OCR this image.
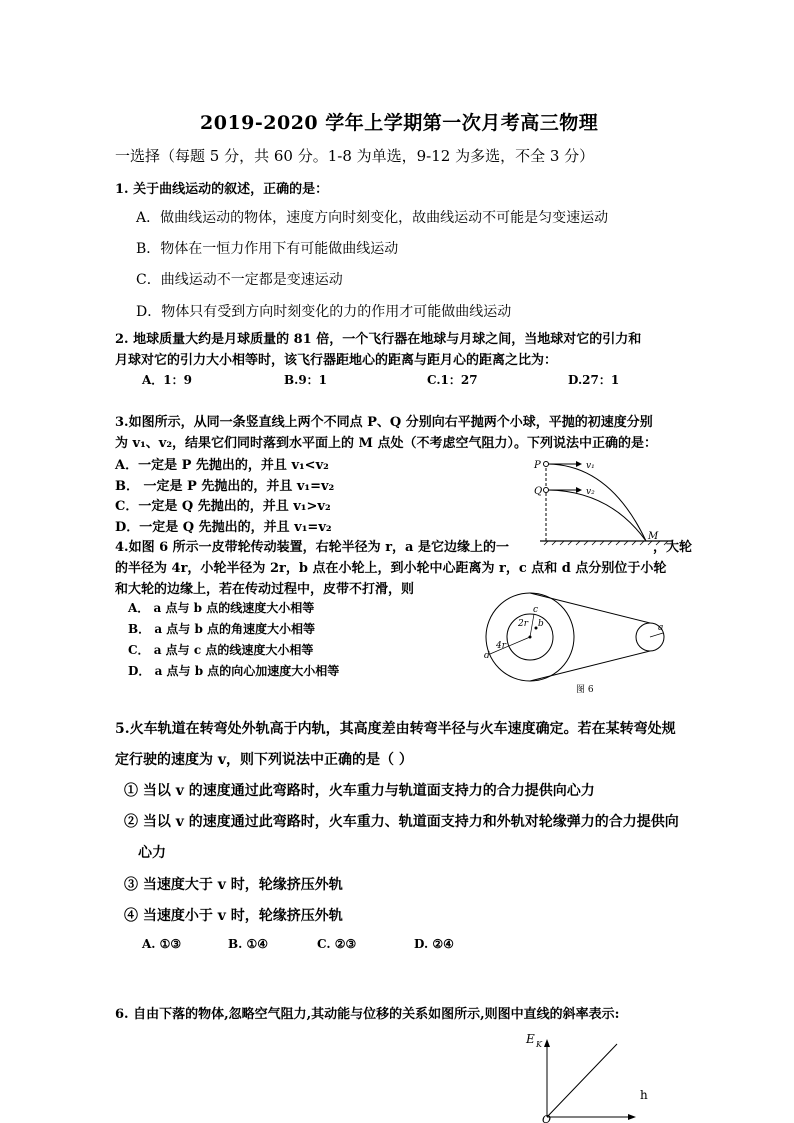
2019-2020 学年上学期第一次月考高三物理
一选择（每题 5 分，共 60 分。1-8 为单选，9-12 为多选，不全 3 分）
1. 关于曲线运动的叙述，正确的是：
A．做曲线运动的物体，速度方向时刻变化，故曲线运动不可能是匀变速运动
B．物体在一恒力作用下有可能做曲线运动
C．曲线运动不一定都是变速运动
D．物体只有受到方向时刻变化的力的作用才可能做曲线运动
2. 地球质量大约是月球质量的 81 倍，一个飞行器在地球与月球之间，当地球对它的引力和
月球对它的引力大小相等时，该飞行器距地心的距离与距月心的距离之比为：
A．1：9	B.9：1	C.1：27	D.27：1
3.如图所示，从同一条竖直线上两个不同点 P、Q 分别向右平抛两个小球，平抛的初速度分别
为 v₁、v₂，结果它们同时落到水平面上的 M 点处（不考虑空气阻力）。下列说法中正确的是：
A．一定是 P 先抛出的，并且 v₁<v₂
B． 一定是 P 先抛出的，并且 v₁=v₂
C．一定是 Q 先抛出的，并且 v₁>v₂
D．一定是 Q 先抛出的，并且 v₁=v₂
P
Q
v₁
v₂
M
4.如图 6 所示一皮带轮传动装置，右轮半径为 r，a 是它边缘上的一	，大轮
的半径为 4r，小轮半径为 2r，b 点在小轮上，到小轮中心距离为 r，c 点和 d 点分别位于小轮
和大轮的边缘上，若在传动过程中，皮带不打滑，则
A． a 点与 b 点的线速度大小相等
B． a 点与 b 点的角速度大小相等
C． a 点与 c 点的线速度大小相等
D． a 点与 b 点的向心加速度大小相等
c
2r b
4r
d
a
图 6
5.火车轨道在转弯处外轨高于内轨，其高度差由转弯半径与火车速度确定。若在某转弯处规
定行驶的速度为 v，则下列说法中正确的是（ ）
① 当以 v 的速度通过此弯路时，火车重力与轨道面支持力的合力提供向心力
② 当以 v 的速度通过此弯路时，火车重力、轨道面支持力和外轨对轮缘弹力的合力提供向
心力
③ 当速度大于 v 时，轮缘挤压外轨
④ 当速度小于 v 时，轮缘挤压外轨
A. ①③	B. ①④	C. ②③	D. ②④
6. 自由下落的物体,忽略空气阻力,其动能与位移的关系如图所示,则图中直线的斜率表示:
E K
h
O
